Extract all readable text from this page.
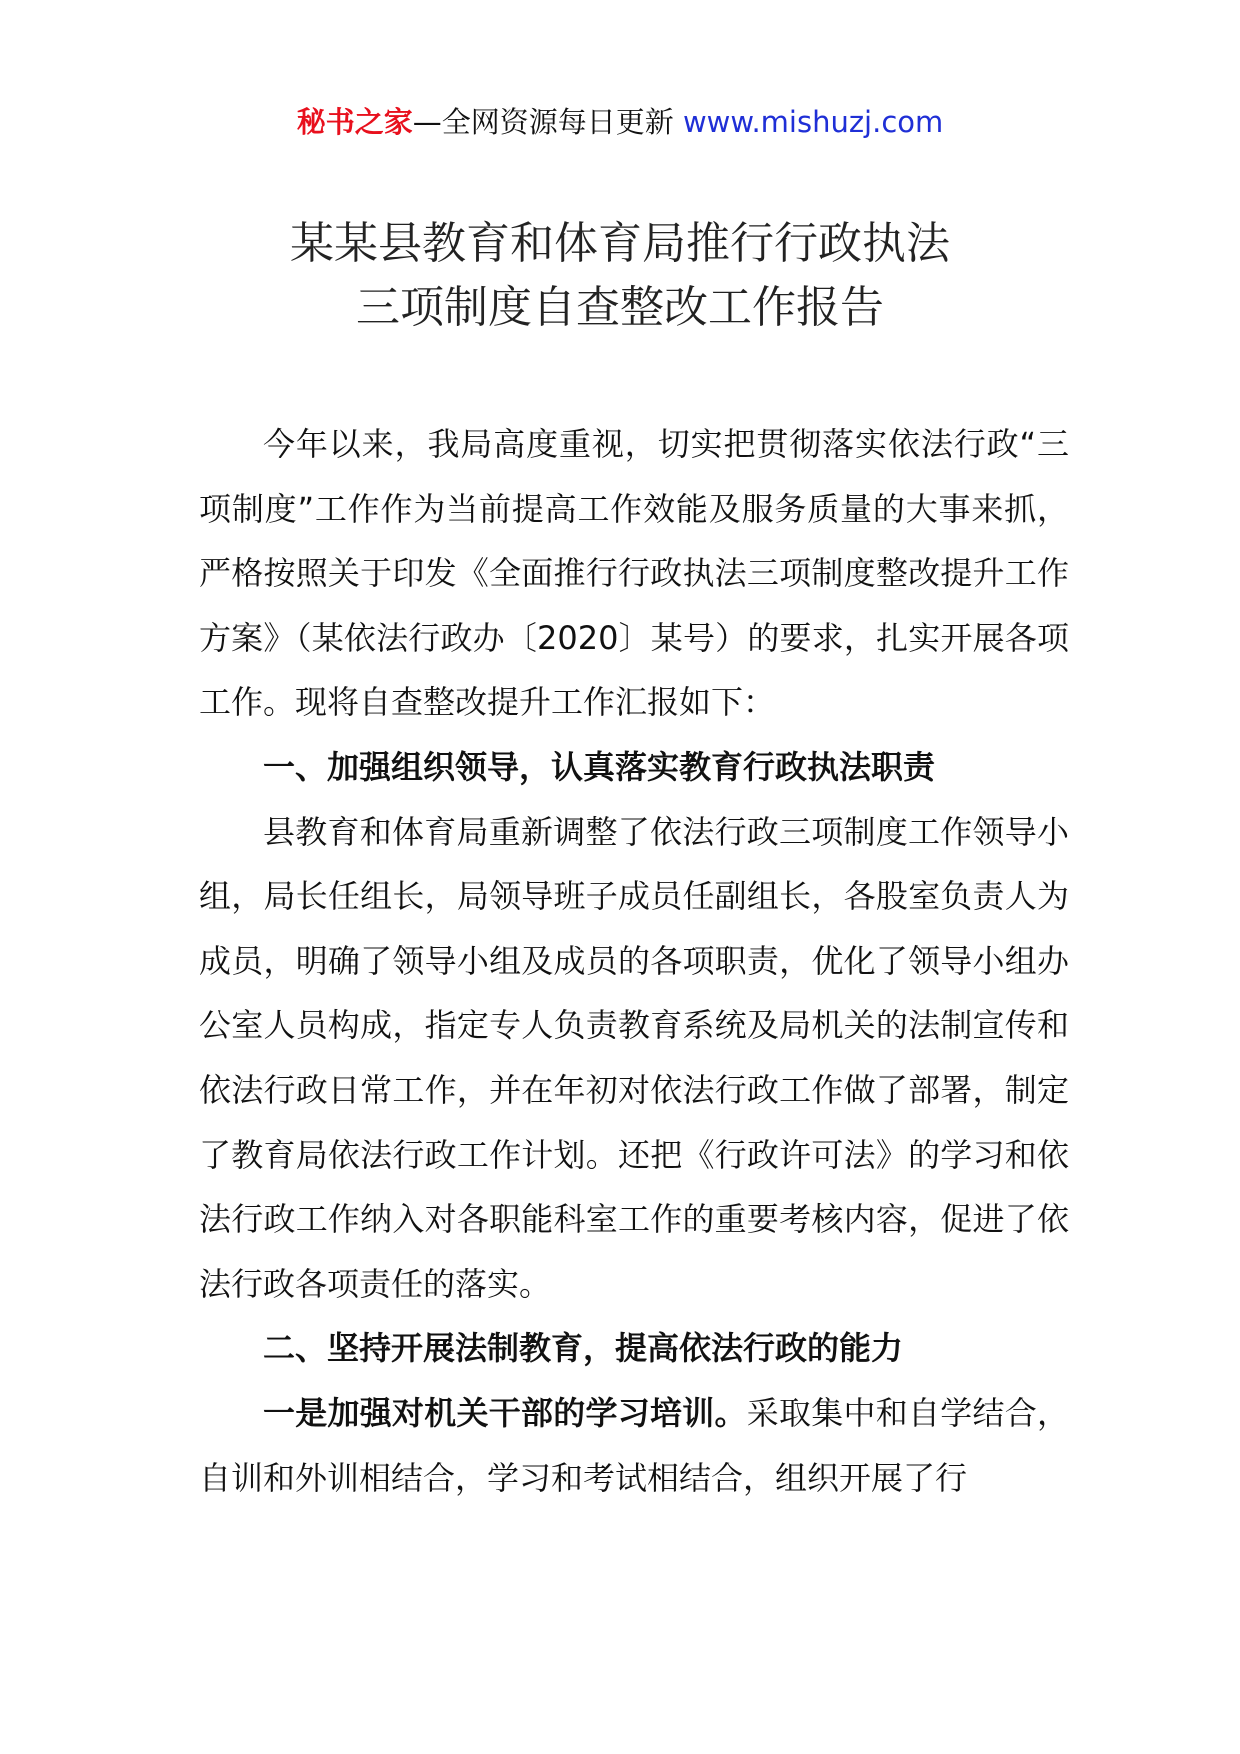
秘书之家—全网资源每日更新 www.mishuzj.com
某某县教育和体育局推行行政执法
三项制度自查整改工作报告

今年以来，我局高度重视，切实把贯彻落实依法行政“三项制度”工作作为当前提高工作效能及服务质量的大事来抓，严格按照关于印发《全面推行行政执法三项制度整改提升工作方案》（某依法行政办〔2020〕某号）的要求，扎实开展各项工作。现将自查整改提升工作汇报如下：

一、加强组织领导，认真落实教育行政执法职责

县教育和体育局重新调整了依法行政三项制度工作领导小组，局长任组长，局领导班子成员任副组长，各股室负责人为成员，明确了领导小组及成员的各项职责，优化了领导小组办公室人员构成，指定专人负责教育系统及局机关的法制宣传和依法行政日常工作，并在年初对依法行政工作做了部署，制定了教育局依法行政工作计划。还把《行政许可法》的学习和依法行政工作纳入对各职能科室工作的重要考核内容，促进了依法行政各项责任的落实。

二、坚持开展法制教育，提高依法行政的能力

一是加强对机关干部的学习培训。采取集中和自学结合，自训和外训相结合，学习和考试相结合，组织开展了行
